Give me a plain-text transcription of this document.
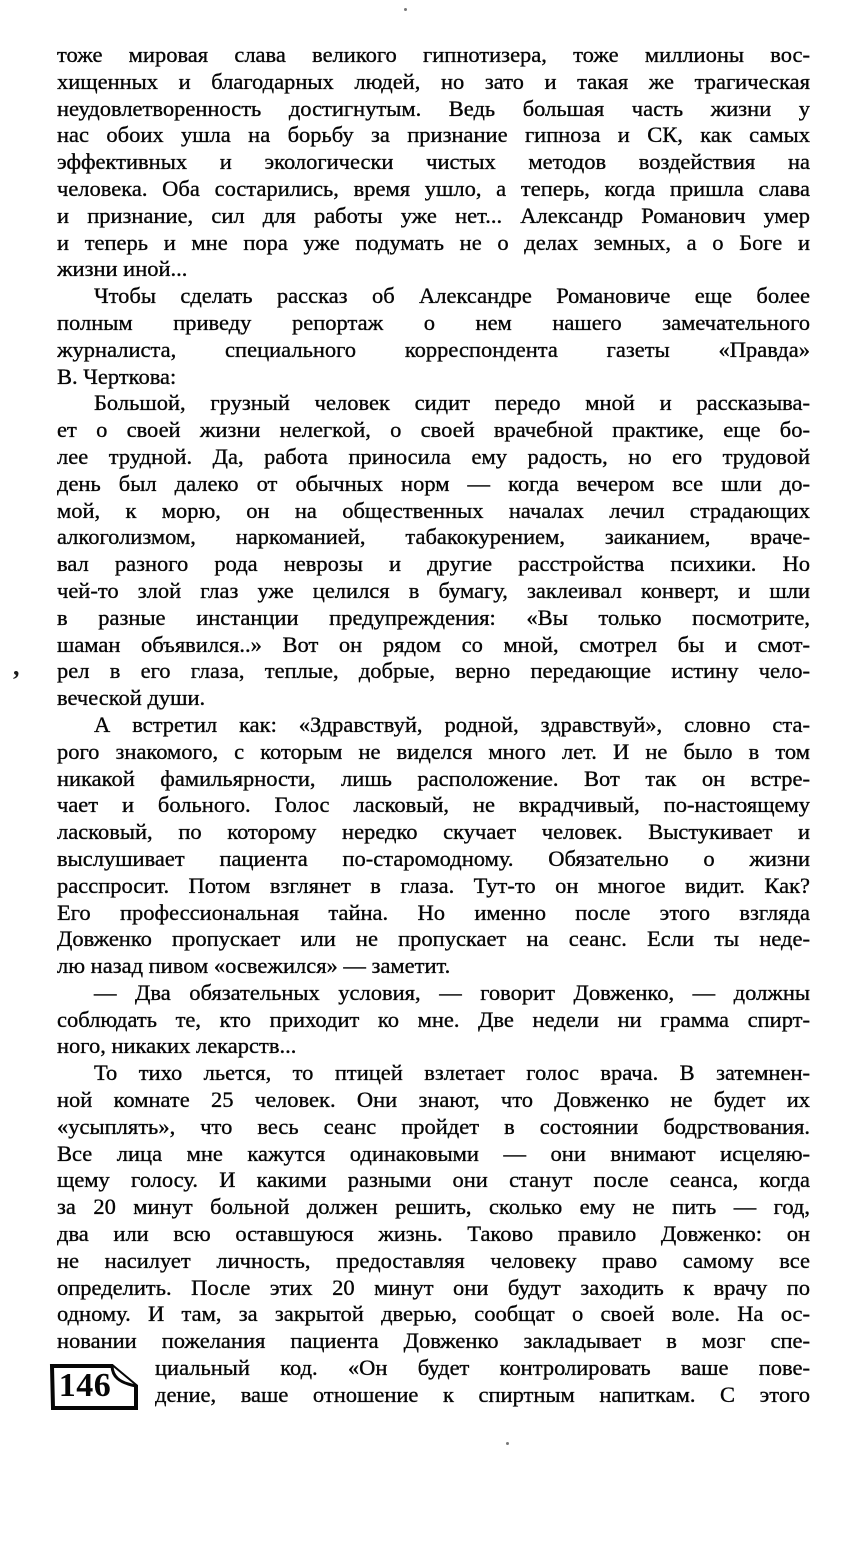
тоже мировая слава великого гипнотизера, тоже миллионы вос-
хищенных и благодарных людей, но зато и такая же трагическая
неудовлетворенность достигнутым. Ведь большая часть жизни у
нас обоих ушла на борьбу за признание гипноза и СК, как самых
эффективных и экологически чистых методов воздействия на
человека. Оба состарились, время ушло, а теперь, когда пришла слава
и признание, сил для работы уже нет... Александр Романович умер
и теперь и мне пора уже подумать не о делах земных, а о Боге и
жизни иной...
Чтобы сделать рассказ об Александре Романовиче еще более
полным приведу репортаж о нем нашего замечательного
журналиста, специального корреспондента газеты «Правда»
В. Черткова:
Большой, грузный человек сидит передо мной и рассказыва-
ет о своей жизни нелегкой, о своей врачебной практике, еще бо-
лее трудной. Да, работа приносила ему радость, но его трудовой
день был далеко от обычных норм — когда вечером все шли до-
мой, к морю, он на общественных началах лечил страдающих
алкоголизмом, наркоманией, табакокурением, заиканием, враче-
вал разного рода неврозы и другие расстройства психики. Но
чей-то злой глаз уже целился в бумагу, заклеивал конверт, и шли
в разные инстанции предупреждения: «Вы только посмотрите,
шаман объявился..» Вот он рядом со мной, смотрел бы и смот-
рел в его глаза, теплые, добрые, верно передающие истину чело-
веческой души.
А встретил как: «Здравствуй, родной, здравствуй», словно ста-
рого знакомого, с которым не виделся много лет. И не было в том
никакой фамильярности, лишь расположение. Вот так он встре-
чает и больного. Голос ласковый, не вкрадчивый, по-настоящему
ласковый, по которому нередко скучает человек. Выстукивает и
выслушивает пациента по-старомодному. Обязательно о жизни
расспросит. Потом взглянет в глаза. Тут-то он многое видит. Как?
Его профессиональная тайна. Но именно после этого взгляда
Довженко пропускает или не пропускает на сеанс. Если ты неде-
лю назад пивом «освежился» — заметит.
— Два обязательных условия, — говорит Довженко, — должны
соблюдать те, кто приходит ко мне. Две недели ни грамма спирт-
ного, никаких лекарств...
То тихо льется, то птицей взлетает голос врача. В затемнен-
ной комнате 25 человек. Они знают, что Довженко не будет их
«усыплять», что весь сеанс пройдет в состоянии бодрствования.
Все лица мне кажутся одинаковыми — они внимают исцеляю-
щему голосу. И какими разными они станут после сеанса, когда
за 20 минут больной должен решить, сколько ему не пить — год,
два или всю оставшуюся жизнь. Таково правило Довженко: он
не насилует личность, предоставляя человеку право самому все
определить. После этих 20 минут они будут заходить к врачу по
одному. И там, за закрытой дверью, сообщат о своей воле. На ос-
новании пожелания пациента Довженко закладывает в мозг спе-
циальный код. «Он будет контролировать ваше пове-
дение, ваше отношение к спиртным напиткам. С этого
146
,
